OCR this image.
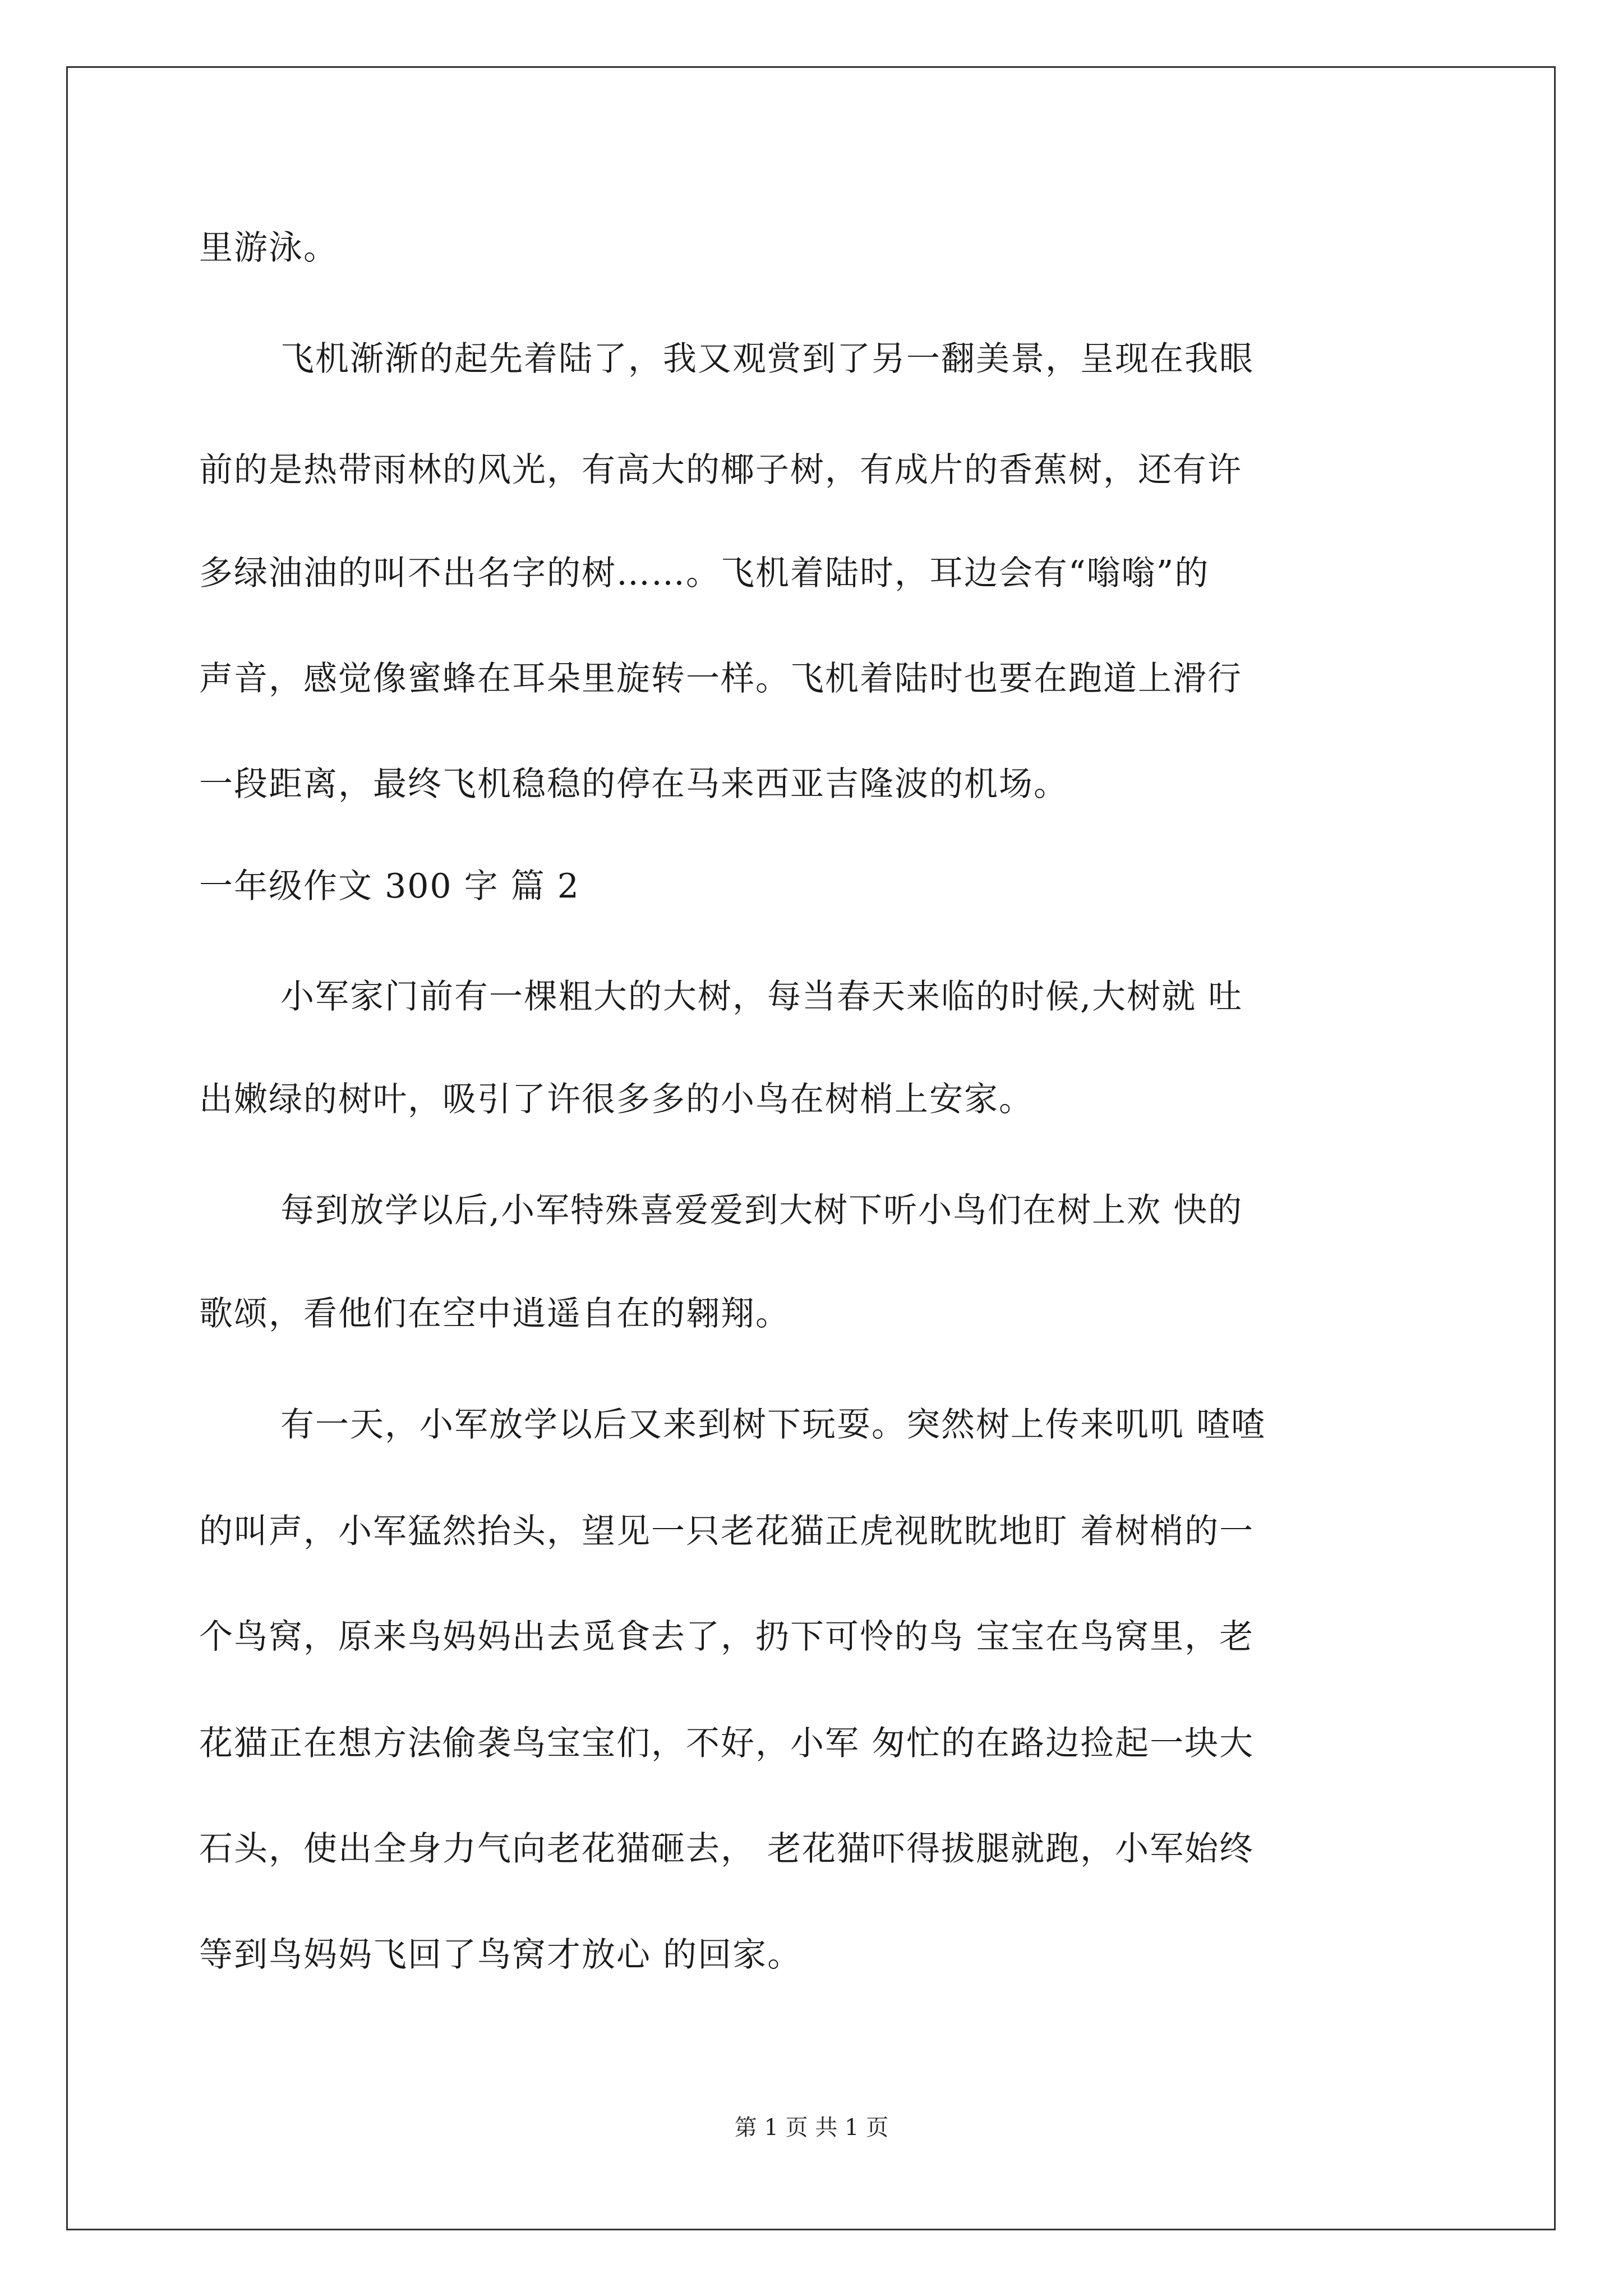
里游泳。
飞机渐渐的起先着陆了，我又观赏到了另一翻美景，呈现在我眼
前的是热带雨林的风光，有高大的椰子树，有成片的香蕉树，还有许
多绿油油的叫不出名字的树……。飞机着陆时，耳边会有“嗡嗡”的
声音，感觉像蜜蜂在耳朵里旋转一样。飞机着陆时也要在跑道上滑行
一段距离，最终飞机稳稳的停在马来西亚吉隆波的机场。
一年级作文 300 字 篇 2
小军家门前有一棵粗大的大树，每当春天来临的时候,大树就 吐
出嫩绿的树叶，吸引了许很多多的小鸟在树梢上安家。
每到放学以后,小军特殊喜爱爱到大树下听小鸟们在树上欢 快的
歌颂，看他们在空中逍遥自在的翱翔。
有一天，小军放学以后又来到树下玩耍。突然树上传来叽叽 喳喳
的叫声，小军猛然抬头，望见一只老花猫正虎视眈眈地盯 着树梢的一
个鸟窝，原来鸟妈妈出去觅食去了，扔下可怜的鸟 宝宝在鸟窝里，老
花猫正在想方法偷袭鸟宝宝们，不好，小军 匆忙的在路边捡起一块大
石头，使出全身力气向老花猫砸去， 老花猫吓得拔腿就跑，小军始终
等到鸟妈妈飞回了鸟窝才放心 的回家。
第 1 页 共 1 页
